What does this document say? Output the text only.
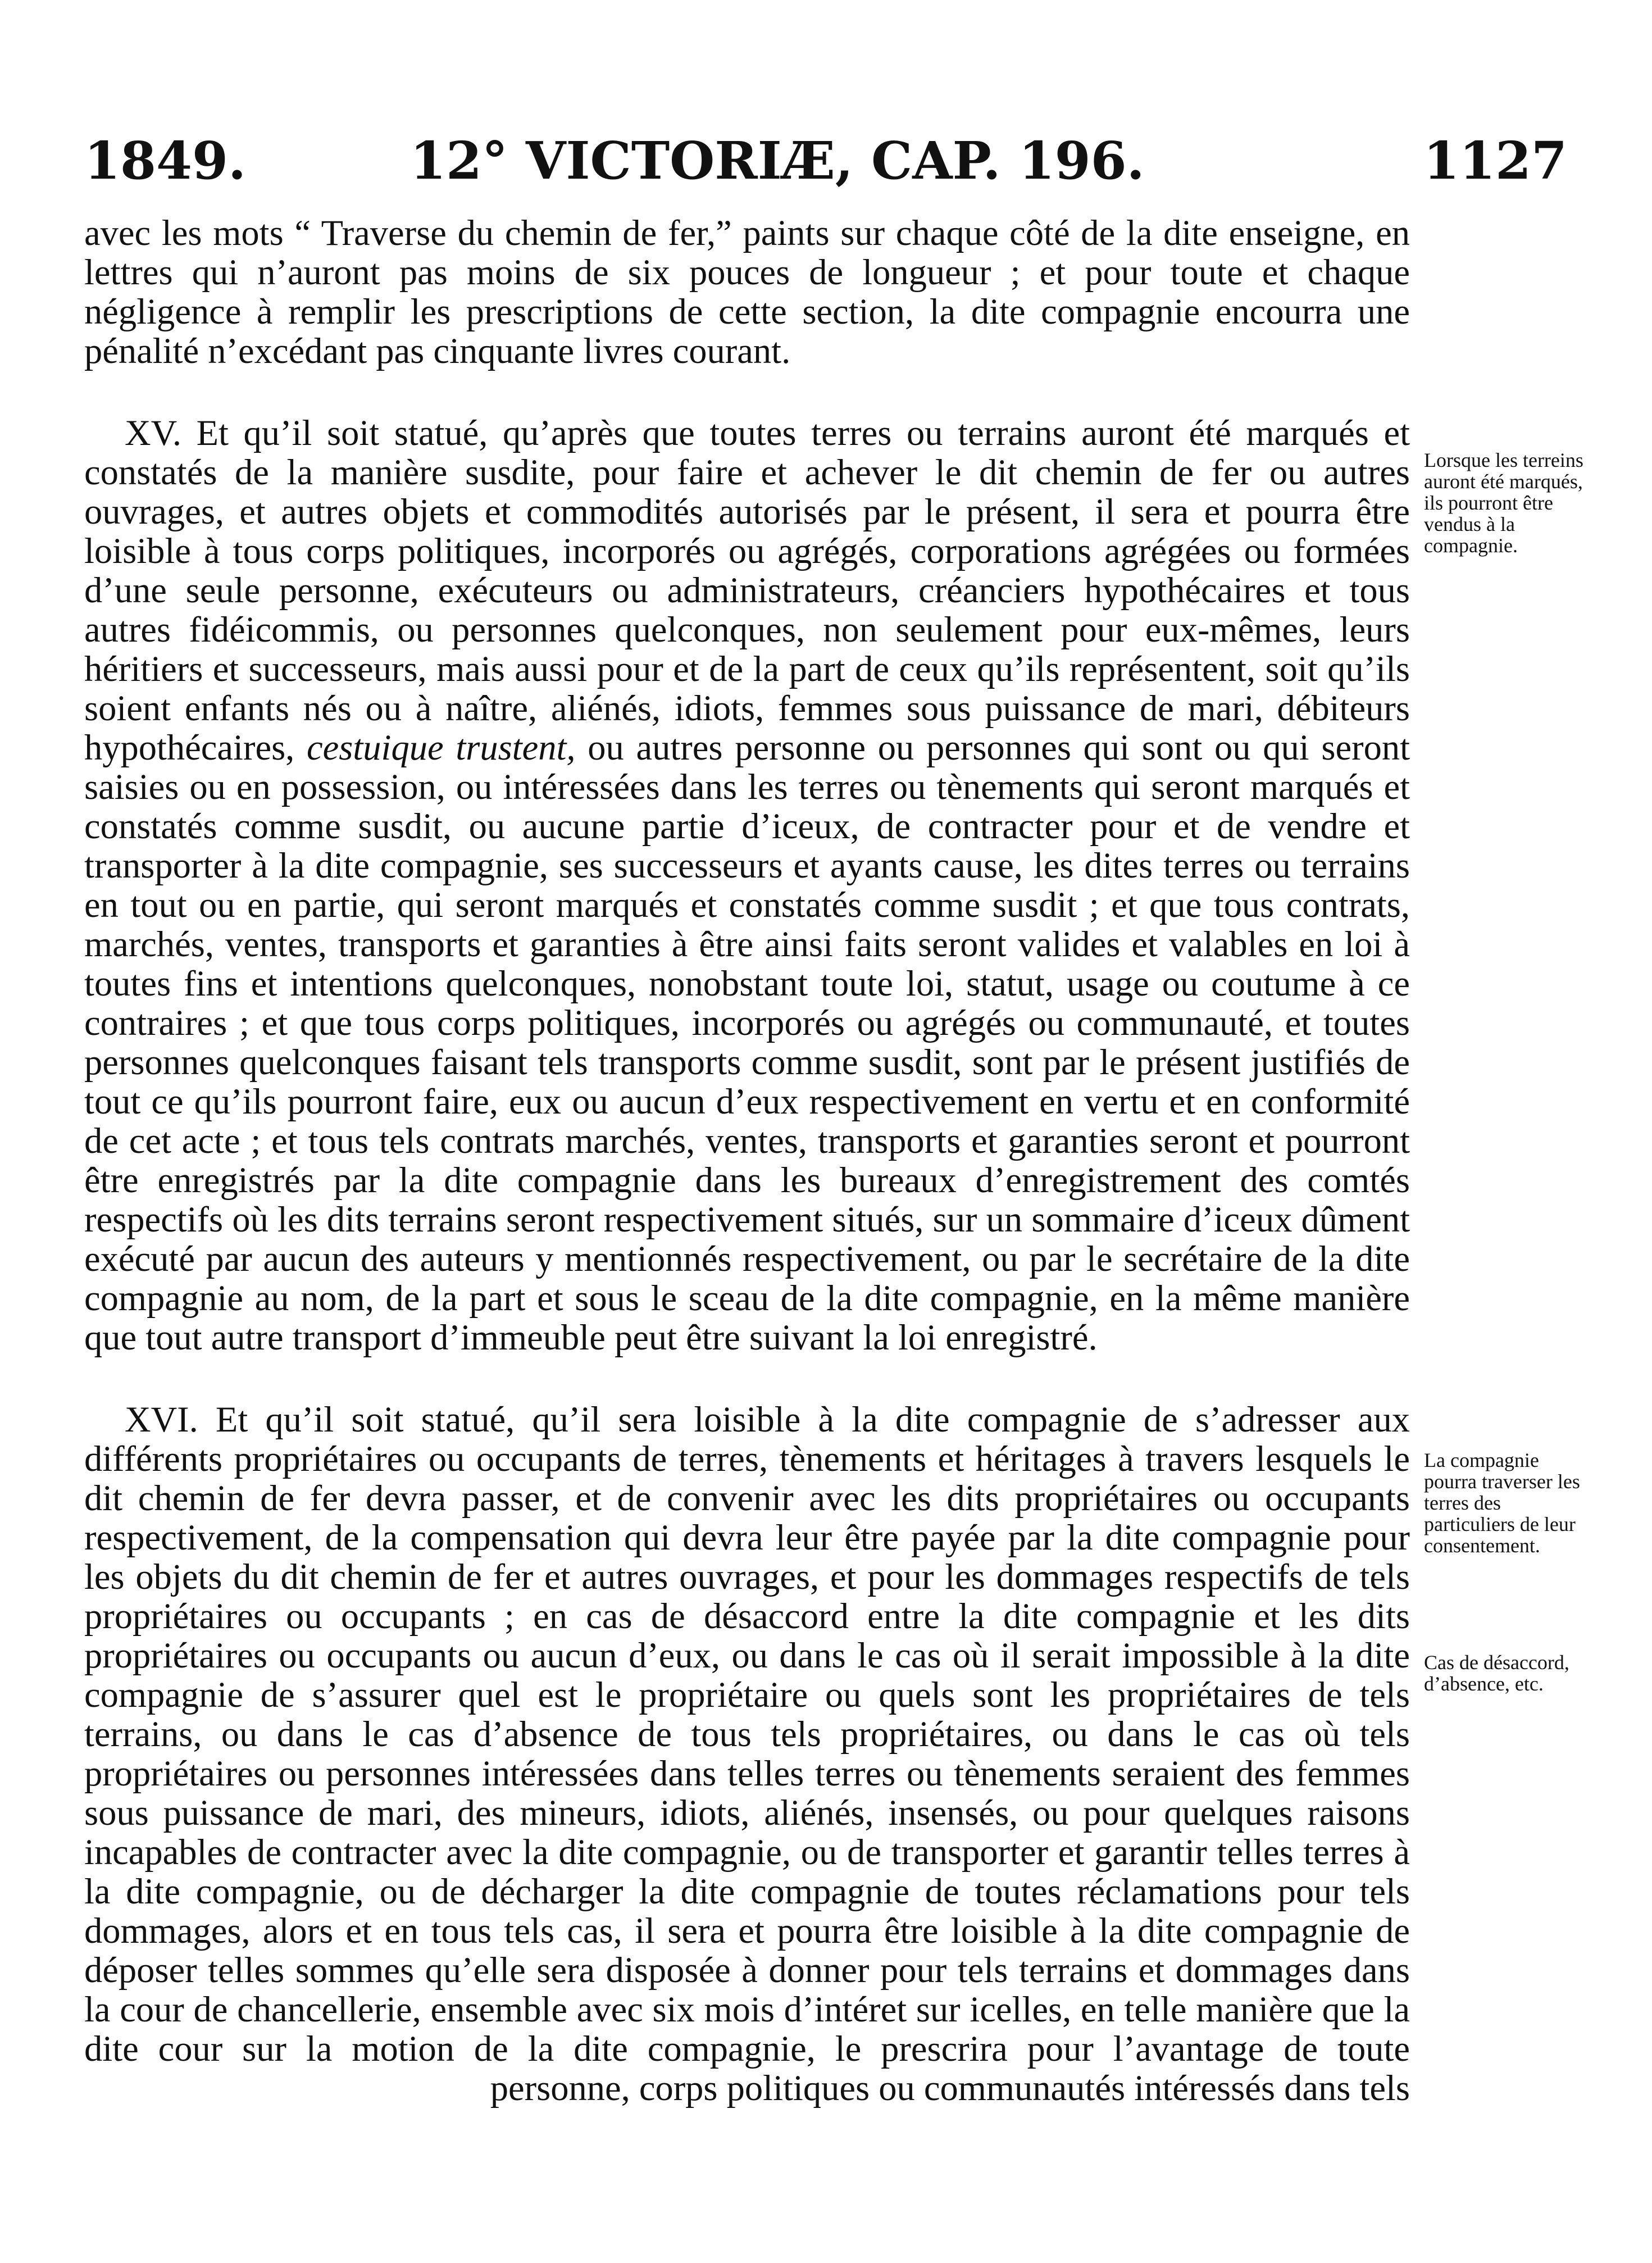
1849.	12° VICTORIÆ, CAP. 196.	1127

avec les mots “ Traverse du chemin de fer,” paints sur chaque côté de la dite enseigne, en lettres qui n’auront pas moins de six pouces de longueur ; et pour toute et chaque négligence à remplir les prescriptions de cette section, la dite compagnie encourra une pénalité n’excédant pas cinquante livres courant.

XV. Et qu’il soit statué, qu’après que toutes terres ou terrains auront été marqués et constatés de la manière susdite, pour faire et achever le dit chemin de fer ou autres ouvrages, et autres objets et commodités autorisés par le présent, il sera et pourra être loisible à tous corps politiques, incorporés ou agrégés, corporations agrégées ou formées d’une seule personne, exécuteurs ou administrateurs, créanciers hypothécaires et tous autres fidéicommis, ou personnes quelconques, non seulement pour eux-mêmes, leurs héritiers et successeurs, mais aussi pour et de la part de ceux qu’ils représentent, soit qu’ils soient enfants nés ou à naître, aliénés, idiots, femmes sous puissance de mari, débiteurs hypothécaires, cestuique trustent, ou autres personne ou personnes qui sont ou qui seront saisies ou en possession, ou intéressées dans les terres ou tènements qui seront marqués et constatés comme susdit, ou aucune partie d’iceux, de contracter pour et de vendre et transporter à la dite compagnie, ses successeurs et ayants cause, les dites terres ou terrains en tout ou en partie, qui seront marqués et constatés comme susdit ; et que tous contrats, marchés, ventes, transports et garanties à être ainsi faits seront valides et valables en loi à toutes fins et intentions quelconques, nonobstant toute loi, statut, usage ou coutume à ce contraires ; et que tous corps politiques, incorporés ou agrégés ou communauté, et toutes personnes quelconques faisant tels transports comme susdit, sont par le présent justifiés de tout ce qu’ils pourront faire, eux ou aucun d’eux respectivement en vertu et en conformité de cet acte ; et tous tels contrats marchés, ventes, transports et garanties seront et pourront être enregistrés par la dite compagnie dans les bureaux d’enregistrement des comtés respectifs où les dits terrains seront respectivement situés, sur un sommaire d’iceux dûment exécuté par aucun des auteurs y mentionnés respectivement, ou par le secrétaire de la dite compagnie au nom, de la part et sous le sceau de la dite compagnie, en la même manière que tout autre transport d’immeuble peut être suivant la loi enregistré.

XVI. Et qu’il soit statué, qu’il sera loisible à la dite compagnie de s’adresser aux différents propriétaires ou occupants de terres, tènements et héritages à travers lesquels le dit chemin de fer devra passer, et de convenir avec les dits propriétaires ou occupants respectivement, de la compensation qui devra leur être payée par la dite compagnie pour les objets du dit chemin de fer et autres ouvrages, et pour les dommages respectifs de tels propriétaires ou occupants ; en cas de désaccord entre la dite compagnie et les dits propriétaires ou occupants ou aucun d’eux, ou dans le cas où il serait impossible à la dite compagnie de s’assurer quel est le propriétaire ou quels sont les propriétaires de tels terrains, ou dans le cas d’absence de tous tels propriétaires, ou dans le cas où tels propriétaires ou personnes intéressées dans telles terres ou tènements seraient des femmes sous puissance de mari, des mineurs, idiots, aliénés, insensés, ou pour quelques raisons incapables de contracter avec la dite compagnie, ou de transporter et garantir telles terres à la dite compagnie, ou de décharger la dite compagnie de toutes réclamations pour tels dommages, alors et en tous tels cas, il sera et pourra être loisible à la dite compagnie de déposer telles sommes qu’elle sera disposée à donner pour tels terrains et dommages dans la cour de chancellerie, ensemble avec six mois d’intéret sur icelles, en telle manière que la dite cour sur la motion de la dite compagnie, le prescrira pour l’avantage de toute personne, corps politiques ou communautés intéressés dans tels

Lorsque les terreins auront été marqués, ils pourront être vendus à la compagnie.
La compagnie pourra traverser les terres des particuliers de leur consentement.
Cas de désaccord, d’absence, etc.
